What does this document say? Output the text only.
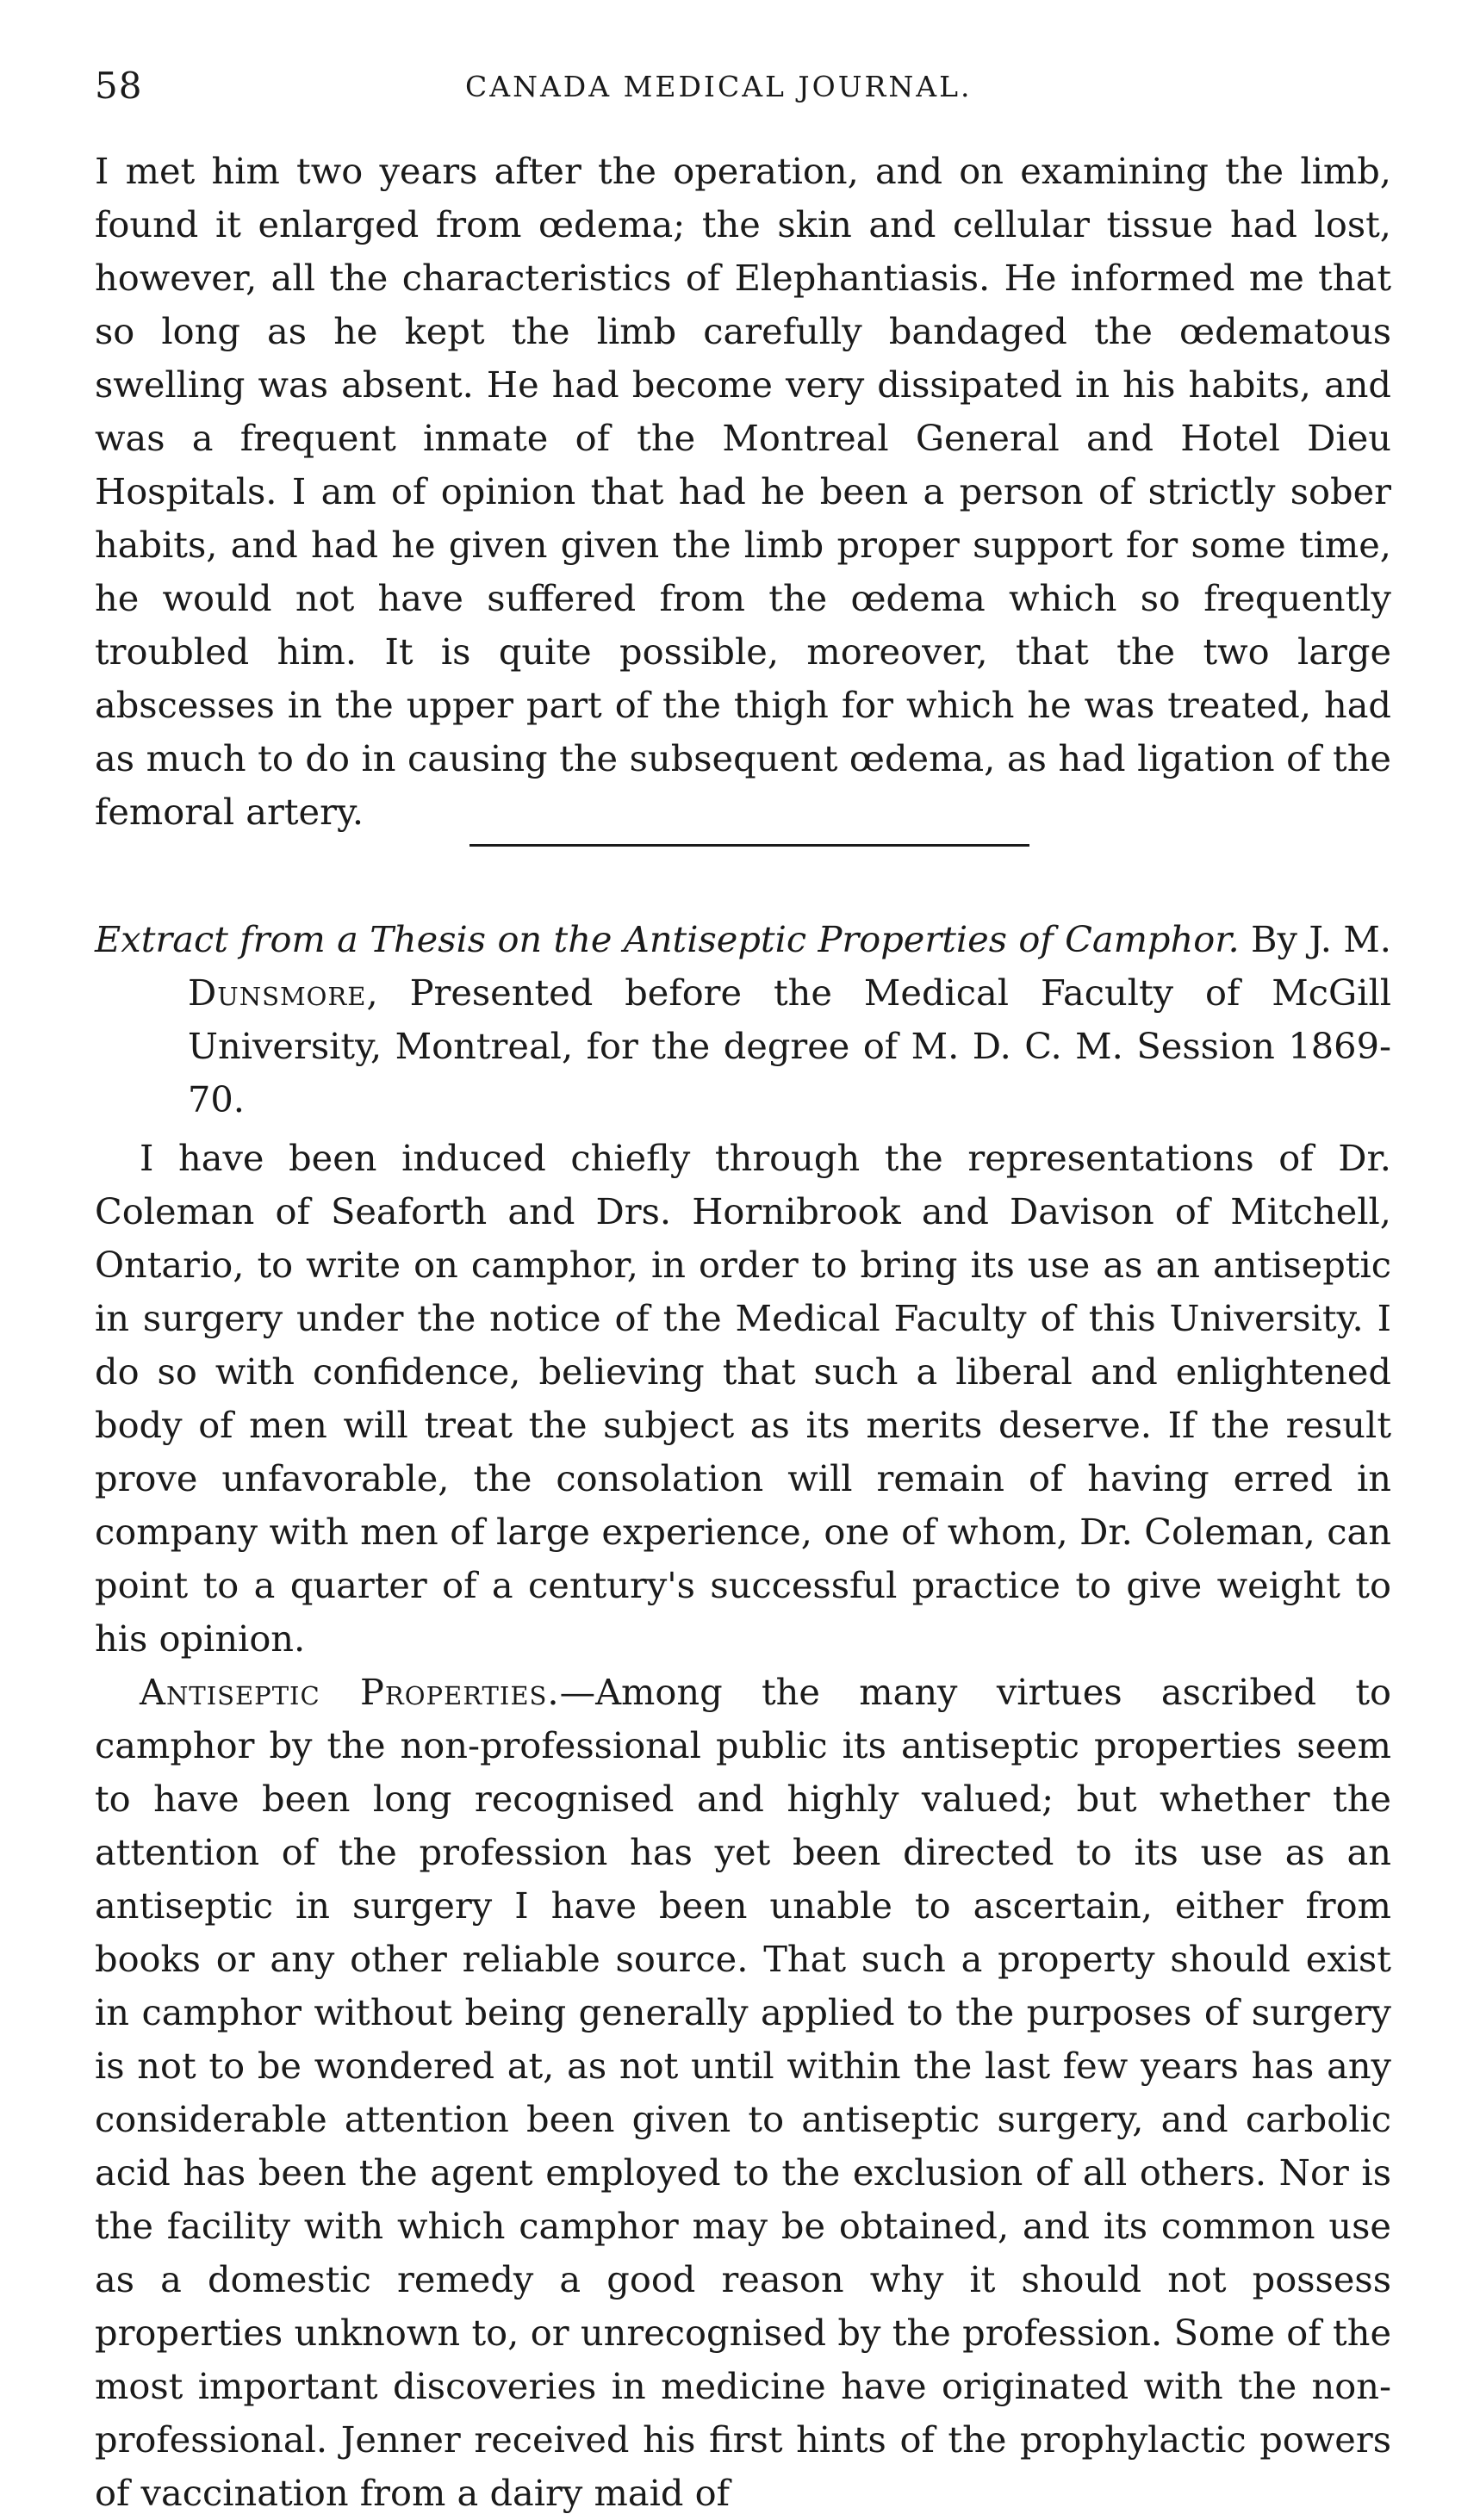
58	CANADA MEDICAL JOURNAL.

I met him two years after the operation, and on examining the limb, found it enlarged from œdema; the skin and cellular tissue had lost, however, all the characteristics of Elephantiasis. He informed me that so long as he kept the limb carefully bandaged the œdematous swelling was absent. He had become very dissipated in his habits, and was a frequent inmate of the Montreal General and Hotel Dieu Hospitals. I am of opinion that had he been a person of strictly sober habits, and had he given given the limb proper support for some time, he would not have suffered from the œdema which so frequently troubled him. It is quite possible, moreover, that the two large abscesses in the upper part of the thigh for which he was treated, had as much to do in causing the subsequent œdema, as had ligation of the femoral artery.

Extract from a Thesis on the Antiseptic Properties of Camphor. By J. M. Dunsmore, Presented before the Medical Faculty of McGill University, Montreal, for the degree of M. D. C. M. Session 1869-70.

I have been induced chiefly through the representations of Dr. Coleman of Seaforth and Drs. Hornibrook and Davison of Mitchell, Ontario, to write on camphor, in order to bring its use as an antiseptic in surgery under the notice of the Medical Faculty of this University. I do so with confidence, believing that such a liberal and enlightened body of men will treat the subject as its merits deserve. If the result prove unfavorable, the consolation will remain of having erred in company with men of large experience, one of whom, Dr. Coleman, can point to a quarter of a century's successful practice to give weight to his opinion.

Antiseptic Properties.—Among the many virtues ascribed to camphor by the non-professional public its antiseptic properties seem to have been long recognised and highly valued; but whether the attention of the profession has yet been directed to its use as an antiseptic in surgery I have been unable to ascertain, either from books or any other reliable source. That such a property should exist in camphor without being generally applied to the purposes of surgery is not to be wondered at, as not until within the last few years has any considerable attention been given to antiseptic surgery, and carbolic acid has been the agent employed to the exclusion of all others. Nor is the facility with which camphor may be obtained, and its common use as a domestic remedy a good reason why it should not possess properties unknown to, or unrecognised by the profession. Some of the most important discoveries in medicine have originated with the non-professional. Jenner received his first hints of the prophylactic powers of vaccination from a dairy maid of
